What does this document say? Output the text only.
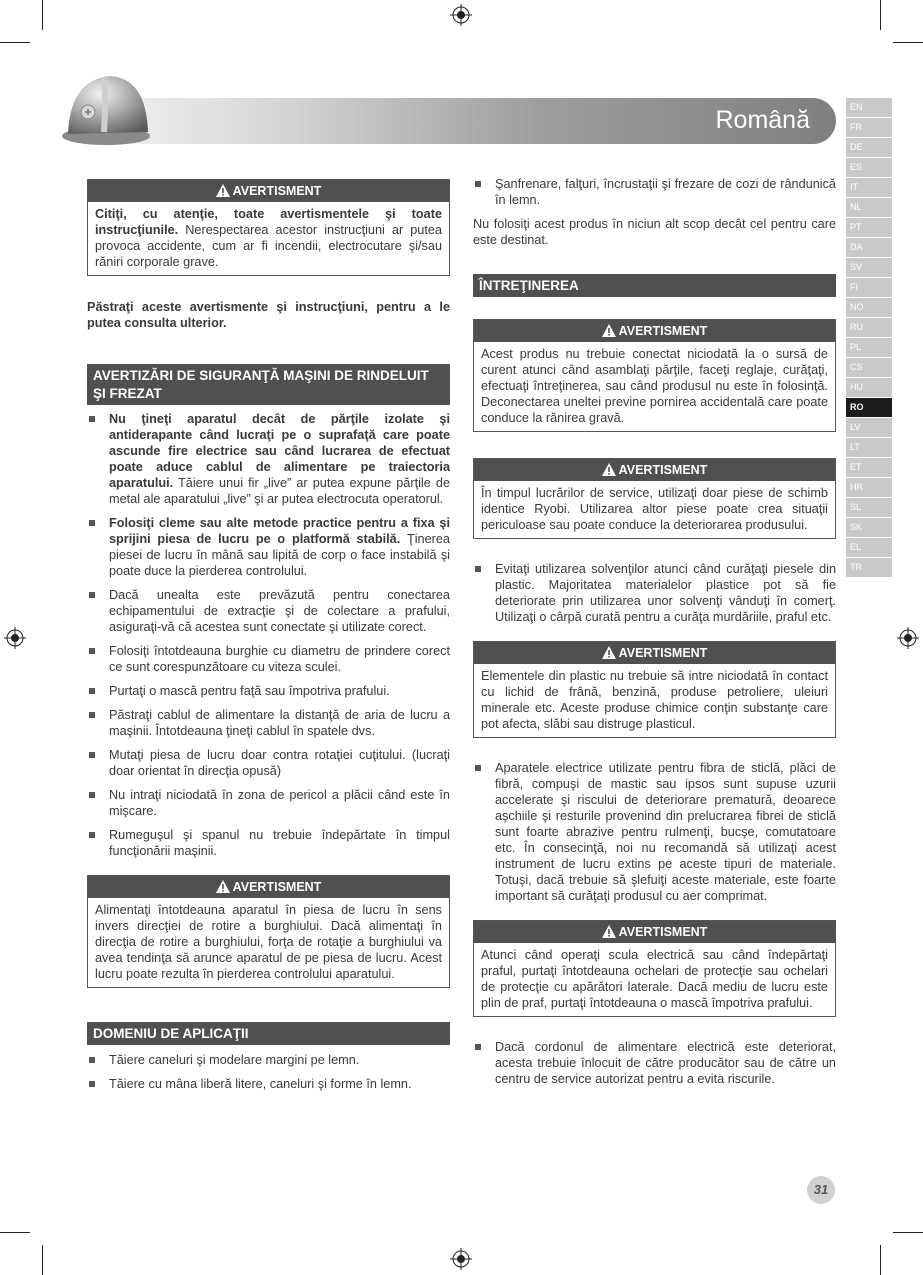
Română	EN
FR
DE
ES
IT
NL
PT
DA
SV
FI
NO
RU
PL
CS
HU
RO
LV
LT
ET
HR
SL
SK
EL
TR
AVERTISMENT
Citiţi, cu atenţie, toate avertismentele şi toate instrucţiunile. Nerespectarea acestor instrucţiuni ar putea provoca accidente, cum ar fi incendii, electrocutare şi/sau răniri corporale grave.
Păstraţi aceste avertismente şi instrucţiuni, pentru a le putea consulta ulterior.
AVERTIZĂRI DE SIGURANŢĂ MAŞINI DE RINDELUIT ŞI FREZAT
Nu ţineţi aparatul decât de părţile izolate şi antiderapante când lucraţi pe o suprafaţă care poate ascunde fire electrice sau când lucrarea de efectuat poate aduce cablul de alimentare pe traiectoria aparatului. Tăiere unui fir „live” ar putea expune părţile de metal ale aparatului „live” şi ar putea electrocuta operatorul.
Folosiţi cleme sau alte metode practice pentru a fixa şi sprijini piesa de lucru pe o platformă stabilă. Ţinerea piesei de lucru în mână sau lipită de corp o face instabilă şi poate duce la pierderea controlului.
Dacă unealta este prevăzută pentru conectarea echipamentului de extracţie şi de colectare a prafului, asiguraţi-vă că acestea sunt conectate şi utilizate corect.
Folosiţi întotdeauna burghie cu diametru de prindere corect ce sunt corespunzătoare cu viteza sculei.
Purtaţi o mască pentru faţă sau împotriva prafului.
Păstraţi cablul de alimentare la distanţă de aria de lucru a maşinii. Întotdeauna ţineţi cablul în spatele dvs.
Mutaţi piesa de lucru doar contra rotaţiei cuţitului. (lucraţi doar orientat în direcţia opusă)
Nu intraţi niciodată în zona de pericol a plăcii când este în mişcare.
Rumeguşul şi spanul nu trebuie îndepărtate în timpul funcţionării maşinii.
AVERTISMENT
Alimentaţi întotdeauna aparatul în piesa de lucru în sens invers direcţiei de rotire a burghiului. Dacă alimentaţi în direcţia de rotire a burghiului, forţa de rotaţie a burghiului va avea tendinţa să arunce aparatul de pe piesa de lucru. Acest lucru poate rezulta în pierderea controlului aparatului.
DOMENIU DE APLICAŢII
Tăiere caneluri şi modelare margini pe lemn.
Tăiere cu mâna liberă litere, caneluri şi forme în lemn.
Şanfrenare, falţuri, încrustaţii şi frezare de cozi de rândunică în lemn.
Nu folosiţi acest produs în niciun alt scop decât cel pentru care este destinat.
ÎNTREŢINEREA
AVERTISMENT
Acest produs nu trebuie conectat niciodată la o sursă de curent atunci când asamblaţi părţile, faceţi reglaje, curăţaţi, efectuaţi întreţinerea, sau când produsul nu este în folosinţă. Deconectarea uneltei previne pornirea accidentală care poate conduce la rănirea gravă.
AVERTISMENT
În timpul lucrărilor de service, utilizaţi doar piese de schimb identice Ryobi. Utilizarea altor piese poate crea situaţii periculoase sau poate conduce la deteriorarea produsului.
Evitaţi utilizarea solvenţilor atunci când curăţaţi piesele din plastic. Majoritatea materialelor plastice pot să fie deteriorate prin utilizarea unor solvenţi vânduţi în comerţ. Utilizaţi o cârpă curată pentru a curăţa murdăriile, praful etc.
AVERTISMENT
Elementele din plastic nu trebuie să intre niciodată în contact cu lichid de frână, benzină, produse petroliere, uleiuri minerale etc. Aceste produse chimice conţin substanţe care pot afecta, slăbi sau distruge plasticul.
Aparatele electrice utilizate pentru fibra de sticlă, plăci de fibră, compuşi de mastic sau ipsos sunt supuse uzurii accelerate şi riscului de deteriorare prematură, deoarece aşchiile şi resturile provenind din prelucrarea fibrei de sticlă sunt foarte abrazive pentru rulmenţi, bucşe, comutatoare etc. În consecinţă, noi nu recomandă să utilizaţi acest instrument de lucru extins pe aceste tipuri de materiale. Totuşi, dacă trebuie să şlefuiţi aceste materiale, este foarte important să curăţaţi produsul cu aer comprimat.
AVERTISMENT
Atunci când operaţi scula electrică sau când îndepărtaţi praful, purtaţi întotdeauna ochelari de protecţie sau ochelari de protecţie cu apărători laterale. Dacă mediu de lucru este plin de praf, purtaţi întotdeauna o mască împotriva prafului.
Dacă cordonul de alimentare electrică este deteriorat, acesta trebuie înlocuit de către producător sau de către un centru de service autorizat pentru a evita riscurile.
31
